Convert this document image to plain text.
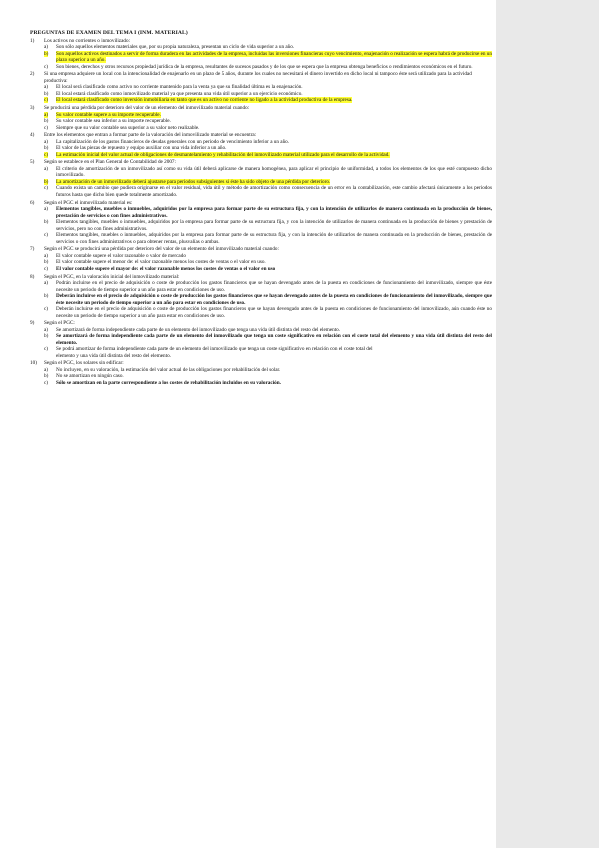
PREGUNTAS DE EXAMEN DEL TEMA I (INM. MATERIAL)
1)	Los activos no corrientes o inmovilizado:
a)	Son sólo aquellos elementos materiales que, por su propia naturaleza, presentan un ciclo de vida superior a un año.
b)	Son aquellos activos destinados a servir de forma duradera en las actividades de la empresa, incluidas las inversiones financieras cuyo vencimiento, enajenación o realización se espera habrá de producirse en un plazo superior a un año.
c)	Son bienes, derechos y otros recursos propiedad jurídica de la empresa, resultantes de sucesos pasados y de los que se espera que la empresa obtenga beneficios o rendimientos económicos en el futuro.
2)	Si una empresa adquiere un local con la intencionalidad de enajenarlo en un plazo de 5 años, durante los cuales no necesitará el dinero invertido en dicho local ni tampoco éste será utilizado para la actividad productiva:
a)	El local será clasificado como activo no corriente mantenido para la venta ya que su finalidad última es la enajenación.
b)	El local estará clasificado como inmovilizado material ya que presenta una vida útil superior a un ejercicio económico.
c)	El local estará clasificado como inversión inmobiliaria en tanto que es un activo no corriente no ligado a la actividad productiva de la empresa.
3)	Se producirá una pérdida por deterioro del valor de un elemento del inmovilizado material cuando:
a)	Su valor contable supere a su importe recuperable.
b)	Su valor contable sea inferior a su importe recuperable.
c)	Siempre que su valor contable sea superior a su valor neto realizable.
4)	Entre los elementos que entran a formar parte de la valoración del inmovilizado material se encuentra:
a)	La capitalización de los gastos financieros de deudas generales con un periodo de vencimiento inferior a un año.
b)	El valor de las piezas de repuesto y equipo auxiliar con una vida inferior a un año.
c)	La estimación inicial del valor actual de obligaciones de desmantelamiento y rehabilitación del inmovilizado material utilizado para el desarrollo de la actividad.
5)	Según se establece en el Plan General de Contabilidad de 2007:
a)	El criterio de amortización de un inmovilizado así como su vida útil deberá aplicarse de manera homogénea, para aplicar el principio de uniformidad, a todos los elementos de los que esté compuesto dicho inmovilizado.
b)	La amortización de un inmovilizado deberá ajustarse para periodos subsiguientes si éste ha sido objeto de una pérdida por deterioro.
c)	Cuando exista un cambio que pudiera originarse en el valor residual, vida útil y método de amortización como consecuencia de un error en la contabilización, este cambio afectará únicamente a los periodos futuros hasta que dicho bien quede totalmente amortizado.
6)	Según el PGC el inmovilizado material es:
a)	Elementos tangibles, muebles o inmuebles, adquiridos por la empresa para formar parte de su estructura fija, y con la intención de utilizarlos de manera continuada en la producción de bienes, prestación de servicios o con fines administrativos.
b)	Elementos tangibles, muebles o inmuebles, adquiridos por la empresa para formar parte de su estructura fija, y con la intención de utilizarlos de manera continuada en la producción de bienes y prestación de servicios, pero no con fines administrativos.
c)	Elementos tangibles, muebles o inmuebles, adquiridos por la empresa para formar parte de su estructura fija, y con la intención de utilizarlos de manera continuada en la producción de bienes, prestación de servicios o con fines administrativos o para obtener rentas, plusvalías o ambas.
7)	Según el PGC se producirá una pérdida por deterioro del valor de un elemento del inmovilizado material cuando:
a)	El valor contable supere el valor razonable o valor de mercado
b)	El valor contable supere el menor de: el valor razonable menos los costes de ventas o el valor en uso.
c)	El valor contable supere el mayor de: el valor razonable menos los costes de ventas o el valor en uso
8)	Según el PGC, en la valoración inicial del inmovilizado material:
a)	Podrán incluirse en el precio de adquisición o coste de producción los gastos financieros que se hayan devengado antes de la puesta en condiciones de funcionamiento del inmovilizado, siempre que éste necesite un periodo de tiempo superior a un año para estar en condiciones de uso.
b)	Deberán incluirse en el precio de adquisición o coste de producción los gastos financieros que se hayan devengado antes de la puesta en condiciones de funcionamiento del inmovilizado, siempre que éste necesite un periodo de tiempo superior a un año para estar en condiciones de uso.
c)	Deberán incluirse en el precio de adquisición o coste de producción los gastos financieros que se hayan devengado antes de la puesta en condiciones de funcionamiento del inmovilizado, aún cuando éste no necesite un periodo de tiempo superior a un año para estar en condiciones de uso.
9)	Según el PGC:
a)	Se amortizará de forma independiente cada parte de un elemento del inmovilizado que tenga una vida útil distinta del resto del elemento.
b)	Se amortizará de forma independiente cada parte de un elemento del inmovilizado que tenga un coste significativo en relación con el coste total del elemento y una vida útil distinta del resto del elemento.
c)	Se podrá amortizar de forma independiente cada parte de un elemento del inmovilizado que tenga un coste significativo en relación con el coste total del
elemento y una vida útil distinta del resto del elemento.
10)	Según el PGC, los solares sin edificar:
a)	No incluyen, en su valoración, la estimación del valor actual de las obligaciones por rehabilitación del solar.
b)	No se amortizan en ningún caso.
c)	Sólo se amortizan en la parte correspondiente a los costes de rehabilitación incluidos en su valoración.
